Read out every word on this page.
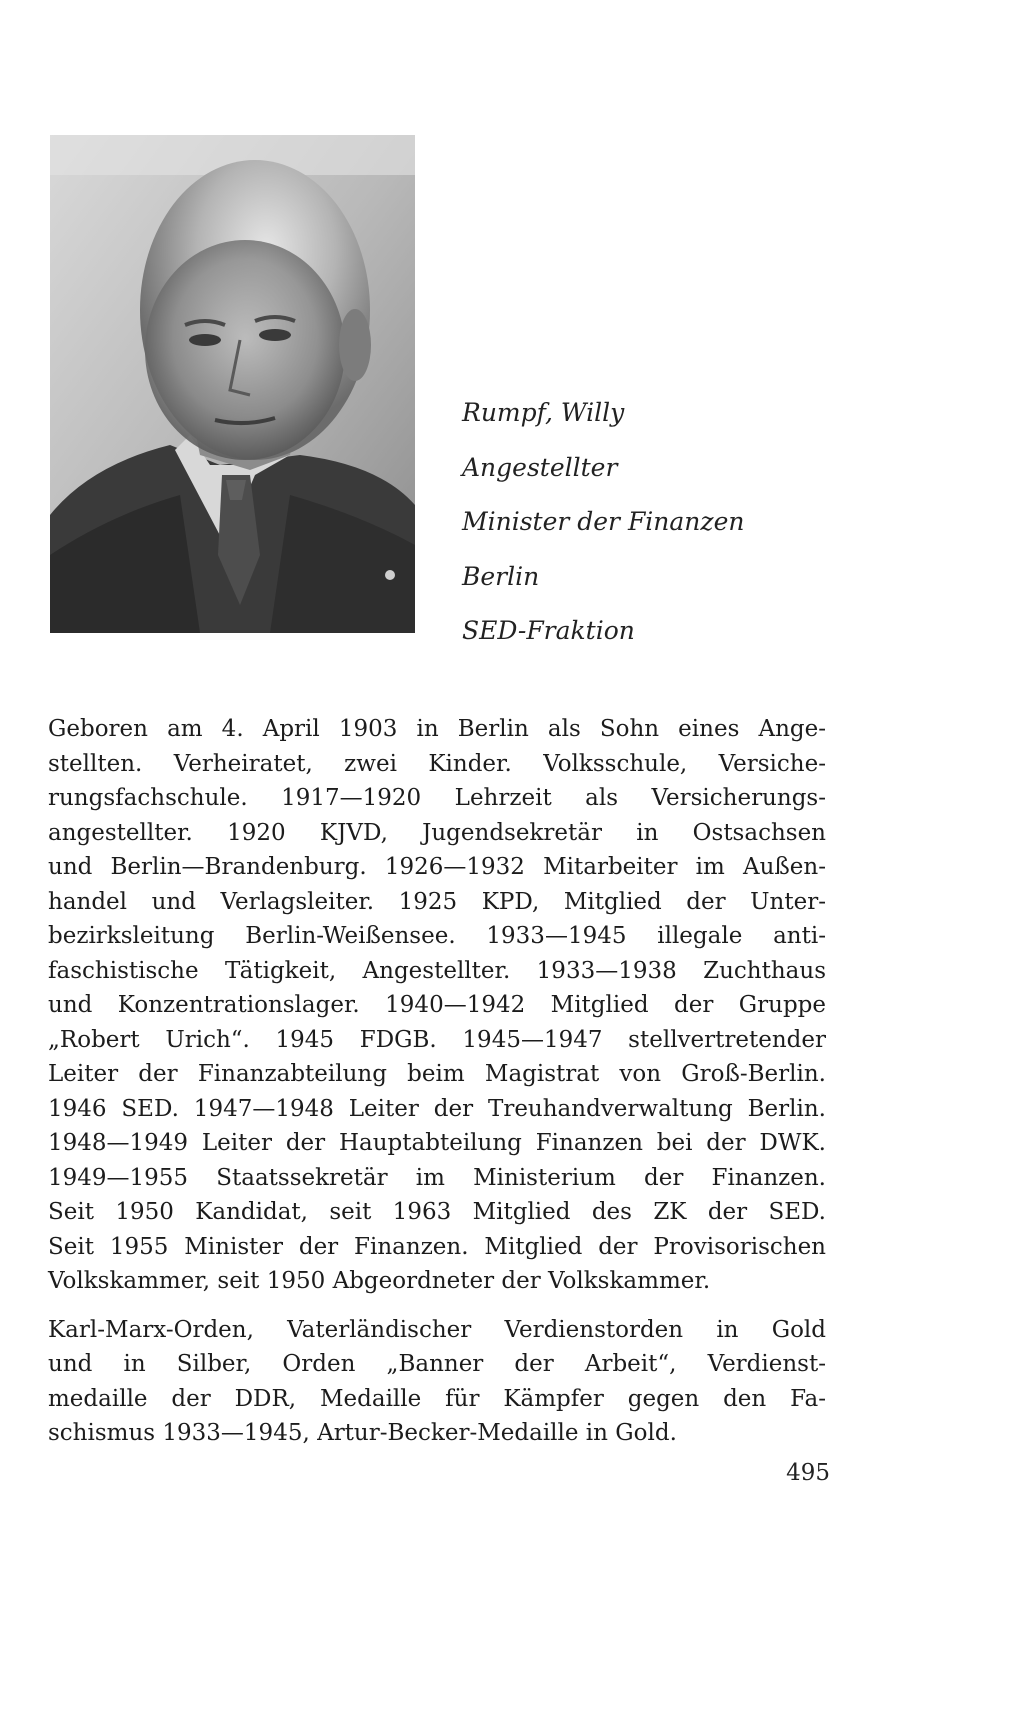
Rumpf, Willy
Angestellter
Minister der Finanzen
Berlin
SED-Fraktion
Geboren am 4. April 1903 in Berlin als Sohn eines Ange-
stellten. Verheiratet, zwei Kinder. Volksschule, Versiche-
rungsfachschule. 1917—1920 Lehrzeit als Versicherungs-
angestellter. 1920 KJVD, Jugendsekretär in Ostsachsen
und Berlin—Brandenburg. 1926—1932 Mitarbeiter im Außen-
handel und Verlagsleiter. 1925 KPD, Mitglied der Unter-
bezirksleitung Berlin-Weißensee. 1933—1945 illegale anti-
faschistische Tätigkeit, Angestellter. 1933—1938 Zuchthaus
und Konzentrationslager. 1940—1942 Mitglied der Gruppe
„Robert Urich“. 1945 FDGB. 1945—1947 stellvertretender
Leiter der Finanzabteilung beim Magistrat von Groß-Berlin.
1946 SED. 1947—1948 Leiter der Treuhandverwaltung Berlin.
1948—1949 Leiter der Hauptabteilung Finanzen bei der DWK.
1949—1955 Staatssekretär im Ministerium der Finanzen.
Seit 1950 Kandidat, seit 1963 Mitglied des ZK der SED.
Seit 1955 Minister der Finanzen. Mitglied der Provisorischen
Volkskammer, seit 1950 Abgeordneter der Volkskammer.
Karl-Marx-Orden, Vaterländischer Verdienstorden in Gold
und in Silber, Orden „Banner der Arbeit“, Verdienst-
medaille der DDR, Medaille für Kämpfer gegen den Fa-
schismus 1933—1945, Artur-Becker-Medaille in Gold.
495
